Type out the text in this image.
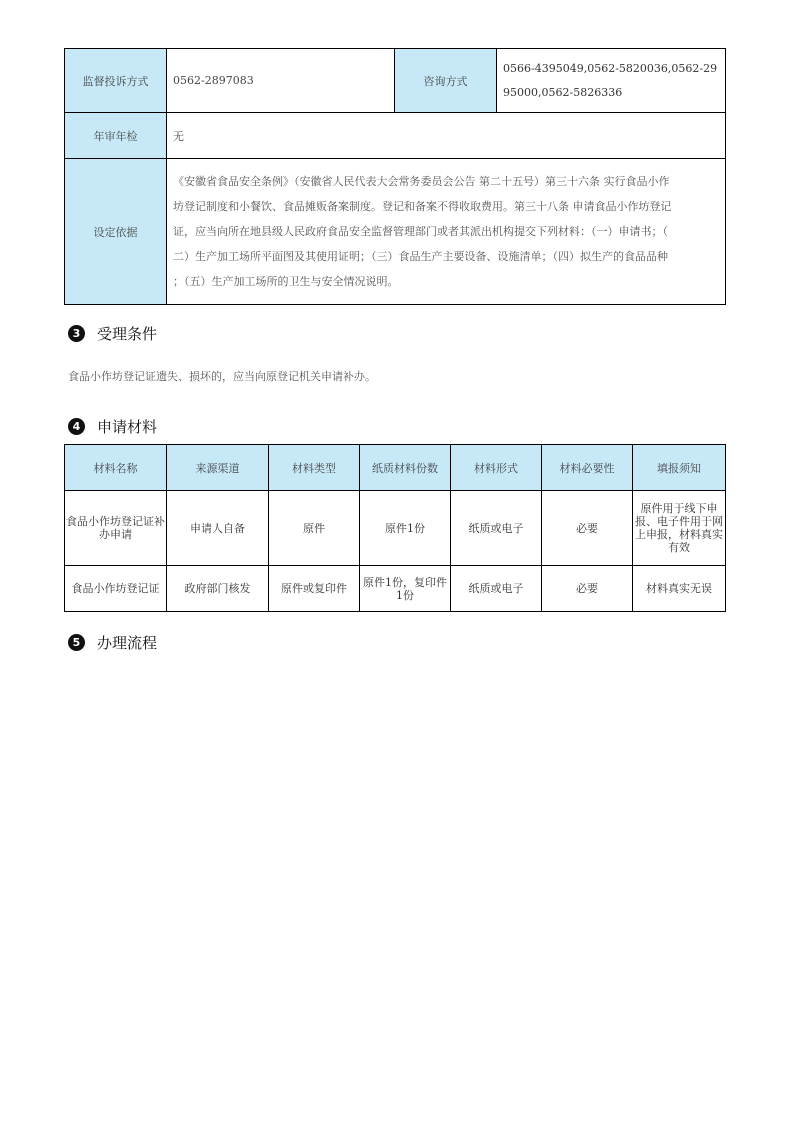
监督投诉方式	0562-2897083	咨询方式	0566-4395049,0562-5820036,0562-2995000,0562-5826336
年审年检	无		
设定依据	《安徽省食品安全条例》（安徽省人民代表大会常务委员会公告 第二十五号）第三十六条 实行食品小作
坊登记制度和小餐饮、食品摊贩备案制度。登记和备案不得收取费用。第三十八条 申请食品小作坊登记
证，应当向所在地县级人民政府食品安全监督管理部门或者其派出机构提交下列材料：（一）申请书；（
二）生产加工场所平面图及其使用证明；（三）食品生产主要设备、设施清单；（四）拟生产的食品品种
；（五）生产加工场所的卫生与安全情况说明。		
3	受理条件
食品小作坊登记证遗失、损坏的，应当向原登记机关申请补办。
4	申请材料
材料名称	来源渠道	材料类型	纸质材料份数	材料形式	材料必要性	填报须知
食品小作坊登记证补办申请	申请人自备	原件	原件1份	纸质或电子	必要	原件用于线下申报、电子件用于网上申报，材料真实有效
食品小作坊登记证	政府部门核发	原件或复印件	原件1份，复印件1份	纸质或电子	必要	材料真实无误
5	办理流程
